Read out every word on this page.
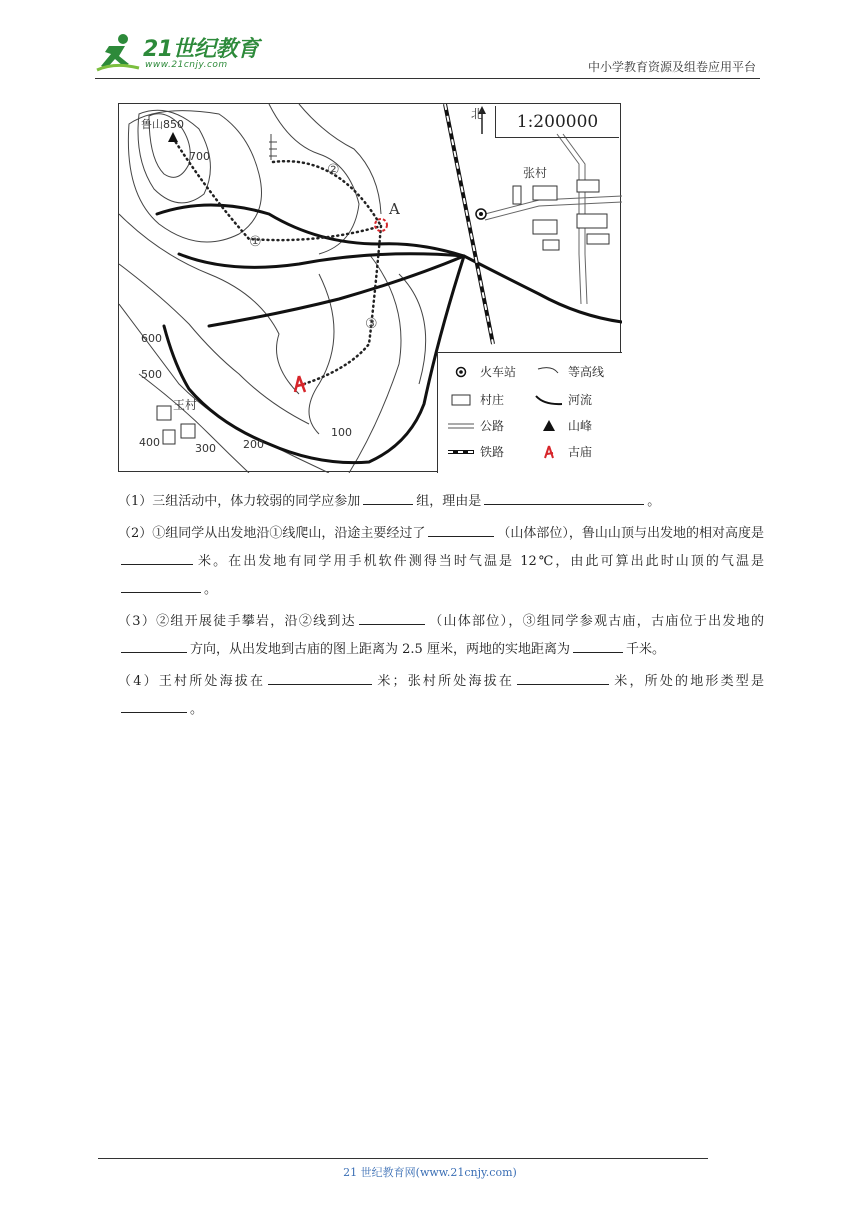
21世纪教育
www.21cnjy.com	中小学教育资源及组卷应用平台
1:200000
北
鲁山850
A
张村
王村
①
②
③
700
600
500
400	300 200
100
火车站	等高线
村庄	河流
公路	山峰
铁路	古庙

（1）三组活动中，体力较弱的同学应参加	组，理由是	。

（2）①组同学从出发地沿①线爬山，沿途主要经过了	（山体部位），鲁山山顶与出发地的相对高度是米。在出发地有同学用手机软件测得当时气温是 12℃，由此可算出此时山顶的气温是。

（3）②组开展徒手攀岩，沿②线到达	（山体部位），③组同学参观古庙，古庙位于出发地的方向，从出发地到古庙的图上距离为 2.5 厘米，两地的实地距离为	千米。

（4）王村所处海拔在	米；张村所处海拔在	米，所处的地形类型是。

21 世纪教育网(www.21cnjy.com)
